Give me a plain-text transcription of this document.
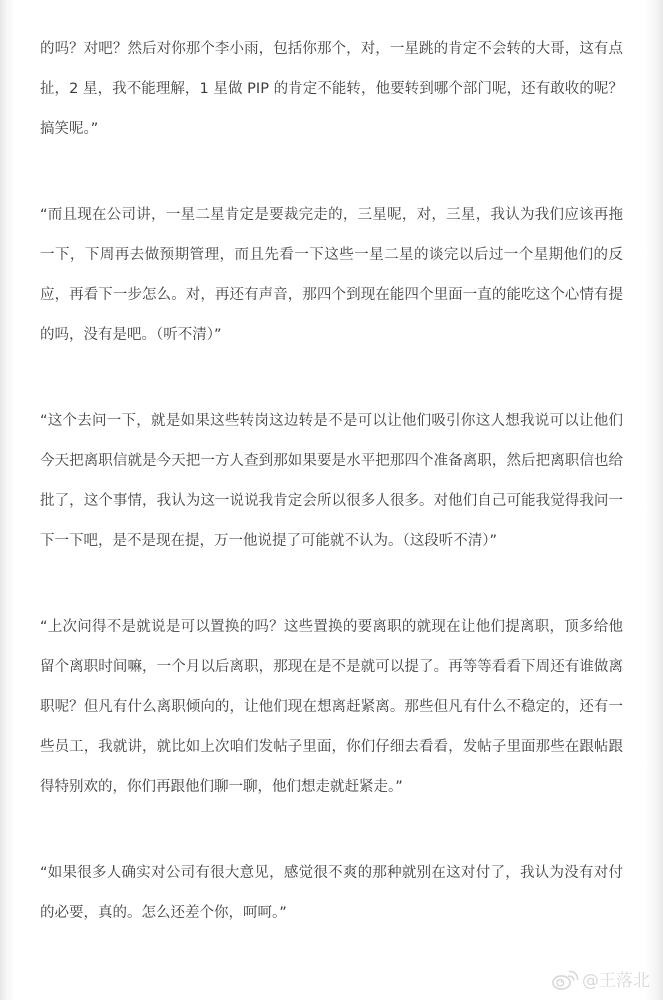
的吗？对吧？然后对你那个李小雨，包括你那个，对，一星跳的肯定不会转的大哥，这有点扯，2 星，我不能理解，1 星做 PIP 的肯定不能转，他要转到哪个部门呢，还有敢收的呢？搞笑呢。”

“而且现在公司讲，一星二星肯定是要裁完走的，三星呢，对，三星，我认为我们应该再拖一下，下周再去做预期管理，而且先看一下这些一星二星的谈完以后过一个星期他们的反应，再看下一步怎么。对，再还有声音，那四个到现在能四个里面一直的能吃这个心情有提的吗，没有是吧。（听不清）”

“这个去问一下，就是如果这些转岗这边转是不是可以让他们吸引你这人想我说可以让他们今天把离职信就是今天把一方人查到那如果要是水平把那四个准备离职，然后把离职信也给批了，这个事情，我认为这一说说我肯定会所以很多人很多。对他们自己可能我觉得我问一下一下吧，是不是现在提，万一他说提了可能就不认为。（这段听不清）”

“上次问得不是就说是可以置换的吗？这些置换的要离职的就现在让他们提离职，顶多给他留个离职时间嘛，一个月以后离职，那现在是不是就可以提了。再等等看看下周还有谁做离职呢？但凡有什么离职倾向的，让他们现在想离赶紧离。那些但凡有什么不稳定的，还有一些员工，我就讲，就比如上次咱们发帖子里面，你们仔细去看看，发帖子里面那些在跟帖跟得特别欢的，你们再跟他们聊一聊，他们想走就赶紧走。”

“如果很多人确实对公司有很大意见，感觉很不爽的那种就别在这对付了，我认为没有对付的必要，真的。怎么还差个你，呵呵。”

@王落北
